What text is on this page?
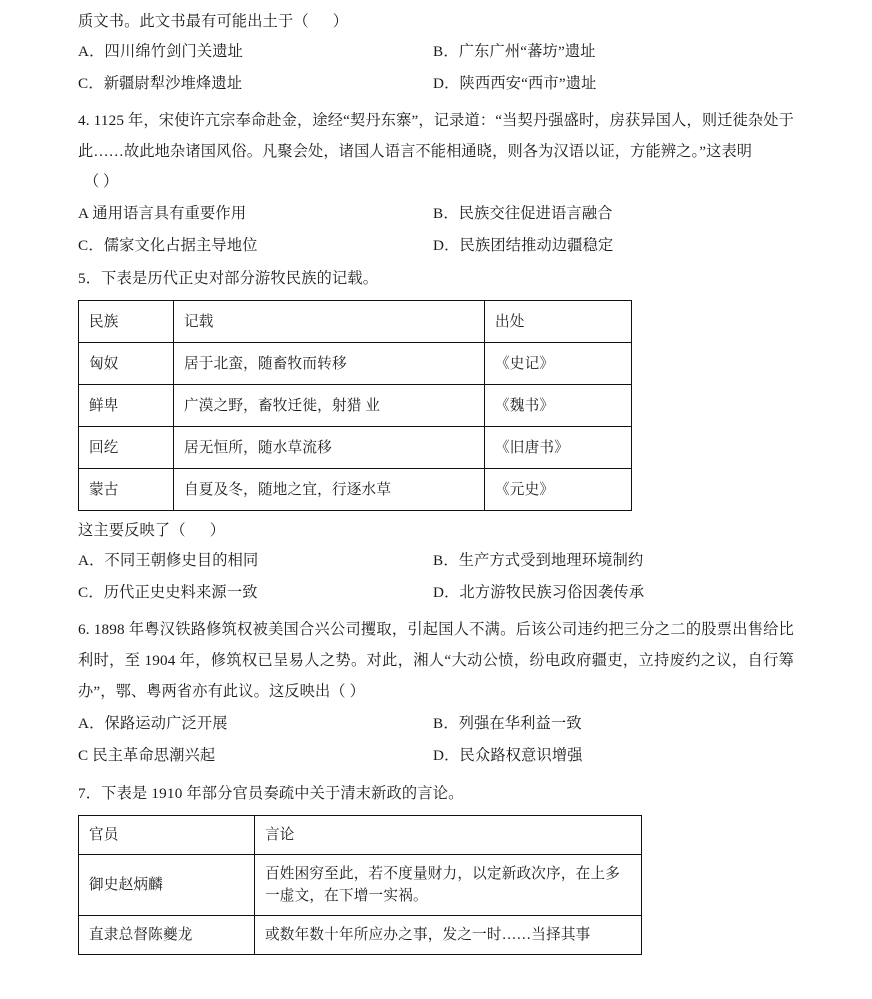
质文书。此文书最有可能出土于（      ）
A．四川绵竹剑门关遗址	B．广东广州“蕃坊”遗址
C．新疆尉犁沙堆烽遗址	D．陕西西安“西市”遗址
4. 1125 年，宋使许亢宗奉命赴金，途经“契丹东寨”，记录道：“当契丹强盛时，房获异国人，则迁徙杂处于此……故此地杂诸国风俗。凡聚会处，诸国人语言不能相通晓，则各为汉语以证，方能辨之。”这表明
（ ）
A 通用语言具有重要作用	B．民族交往促进语言融合
C．儒家文化占据主导地位	D．民族团结推动边疆稳定
5．下表是历代正史对部分游牧民族的记载。
民族	记载	出处
匈奴	居于北蛮，随畜牧而转移	《史记》
鲜卑	广漠之野，畜牧迁徙，射猎 业	《魏书》
回纥	居无恒所，随水草流移	《旧唐书》
蒙古	自夏及冬，随地之宜，行逐水草	《元史》
这主要反映了（      ）
A．不同王朝修史目的相同	B．生产方式受到地理环境制约
C．历代正史史料来源一致	D．北方游牧民族习俗因袭传承
6. 1898 年粤汉铁路修筑权被美国合兴公司攫取，引起国人不满。后该公司违约把三分之二的股票出售给比利时，至 1904 年，修筑权已呈易人之势。对此，湘人“大动公愤，纷电政府疆吏，立持废约之议，自行筹办”，鄂、粤两省亦有此议。这反映出（ ）
A．保路运动广泛开展	B．列强在华利益一致
C 民主革命思潮兴起	D．民众路权意识增强
7．下表是 1910 年部分官员奏疏中关于清末新政的言论。
官员	言论
御史赵炳麟	百姓困穷至此，若不度量财力，以定新政次序，在上多一虚文，在下增一实祸。
直隶总督陈夔龙	或数年数十年所应办之事，发之一时……当择其事
